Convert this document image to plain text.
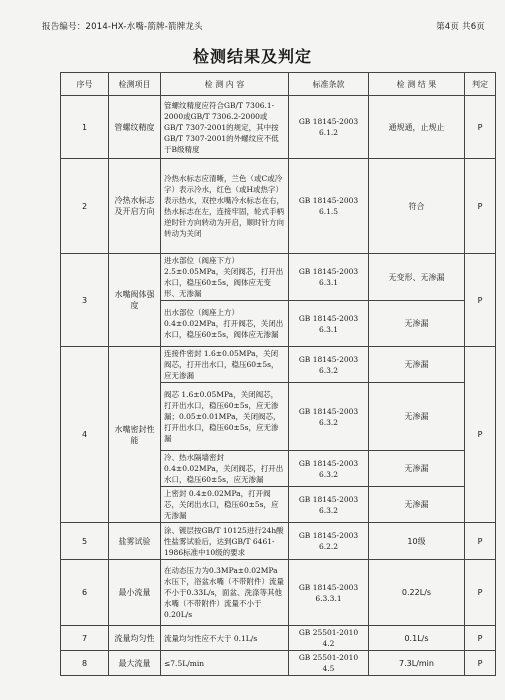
报告编号：2014-HX-水嘴-箭牌-箭牌龙头	第4页 共6页
检测结果及判定
序号	检测项目	检 测 内 容	标准条款	检 测 结 果	判定
1	管螺纹精度	管螺纹精度应符合GB/T 7306.1-2000或GB/T 7306.2-2000或GB/T 7307-2001的规定，其中按GB/T 7307-2001的外螺纹应不低于B级精度	GB 18145-2003 6.1.2	通规通，止规止	P
2	冷热水标志及开启方向	冷热水标志应清晰，兰色（或C或冷字）表示冷水，红色（或H或热字）表示热水，双控水嘴冷水标志在右，热水标志在左，连接牢固，轮式手柄逆时针方向转动为开启，顺时针方向转动为关闭	GB 18145-2003 6.1.5	符合	P
3	水嘴阀体强度	进水部位（阀座下方）2.5±0.05MPa，关闭阀芯，打开出水口，稳压60±5s，阀体应无变形、无渗漏	GB 18145-2003 6.3.1	无变形、无渗漏	P
		出水部位（阀座上方）0.4±0.02MPa，打开阀芯，关闭出水口，稳压60±5s，阀体应无渗漏	GB 18145-2003 6.3.1	无渗漏	
4	水嘴密封性能	连接件密封 1.6±0.05MPa，关闭阀芯，打开出水口，稳压60±5s，应无渗漏	GB 18145-2003 6.3.2	无渗漏	P
		阀芯 1.6±0.05MPa，关闭阀芯，打开出水口，稳压60±5s，应无渗漏；0.05±0.01MPa，关闭阀芯，打开出水口，稳压60±5s，应无渗漏	GB 18145-2003 6.3.2	无渗漏	
		冷、热水隔墙密封 0.4±0.02MPa，关闭阀芯，打开出水口，稳压60±5s，应无渗漏	GB 18145-2003 6.3.2	无渗漏	
		上密封 0.4±0.02MPa，打开阀芯，关闭出水口，稳压60±5s，应无渗漏	GB 18145-2003 6.3.2	无渗漏	
5	盐雾试验	涂、镀层按GB/T 10125进行24h酸性盐雾试验后，达到GB/T 6461-1986标准中10级的要求	GB 18145-2003 6.2.2	10级	P
6	最小流量	在动态压力为0.3MPa±0.02MPa水压下，浴盆水嘴（不带附件）流量不小于0.33L/s，面盆、洗涤等其他水嘴（不带附件）流量不小于0.20L/s	GB 18145-2003 6.3.3.1	0.22L/s	P
7	流量均匀性	流量均匀性应不大于 0.1L/s	GB 25501-2010 4.2	0.1L/s	P
8	最大流量	≤7.5L/min	GB 25501-2010 4.5	7.3L/min	P
